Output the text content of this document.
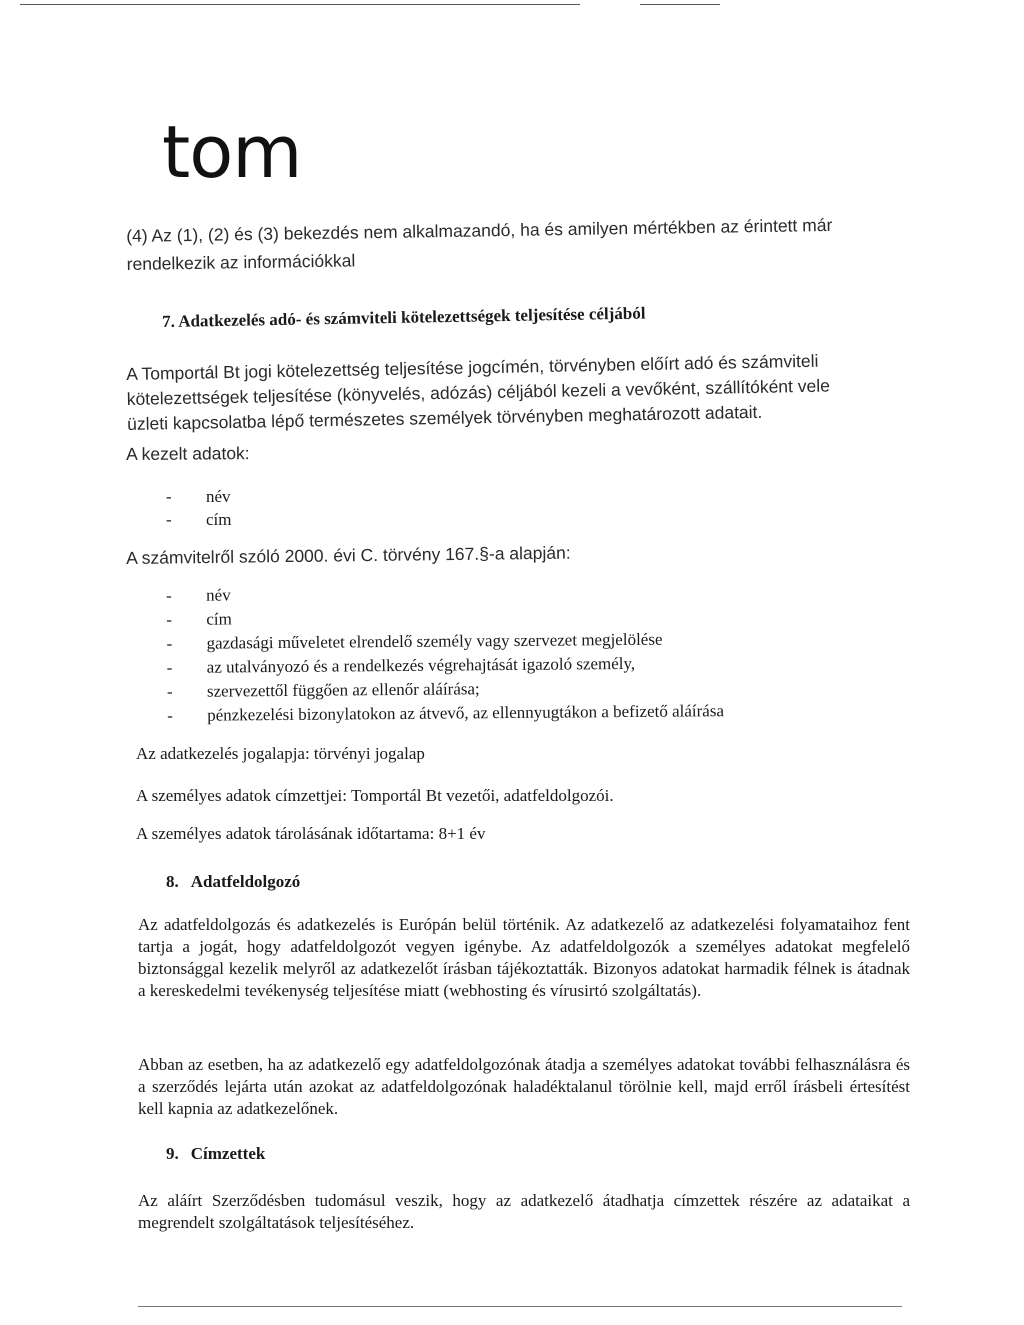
tom
(4) Az (1), (2) és (3) bekezdés nem alkalmazandó, ha és amilyen mértékben az érintett már
rendelkezik az információkkal
7. Adatkezelés adó- és számviteli kötelezettségek teljesítése céljából
A Tomportál Bt jogi kötelezettség teljesítése jogcímén, törvényben előírt adó és számviteli
kötelezettségek teljesítése (könyvelés, adózás) céljából kezeli a vevőként, szállítóként vele
üzleti kapcsolatba lépő természetes személyek törvényben meghatározott adatait.
A kezelt adatok:
- név
- cím
A számvitelről szóló 2000. évi C. törvény 167.§-a alapján:
- név
- cím
- gazdasági műveletet elrendelő személy vagy szervezet megjelölése
- az utalványozó és a rendelkezés végrehajtását igazoló személy,
- szervezettől függően az ellenőr aláírása;
- pénzkezelési bizonylatokon az átvevő, az ellennyugtákon a befizető aláírása
Az adatkezelés jogalapja: törvényi jogalap
A személyes adatok címzettjei: Tomportál Bt vezetői, adatfeldolgozói.
A személyes adatok tárolásának időtartama: 8+1 év
8. Adatfeldolgozó

Az adatfeldolgozás és adatkezelés is Európán belül történik. Az adatkezelő az adatkezelési folyamataihoz fent tartja a jogát, hogy adatfeldolgozót vegyen igénybe. Az adatfeldolgozók a személyes adatokat megfelelő biztonsággal kezelik melyről az adatkezelőt írásban tájékoztatták. Bizonyos adatokat harmadik félnek is átadnak a kereskedelmi tevékenység teljesítése miatt (webhosting és vírusirtó szolgáltatás).

Abban az esetben, ha az adatkezelő egy adatfeldolgozónak átadja a személyes adatokat további felhasználásra és a szerződés lejárta után azokat az adatfeldolgozónak haladéktalanul törölnie kell, majd erről írásbeli értesítést kell kapnia az adatkezelőnek.

9. Címzettek

Az aláírt Szerződésben tudomásul veszik, hogy az adatkezelő átadhatja címzettek részére az adataikat a megrendelt szolgáltatások teljesítéséhez.
